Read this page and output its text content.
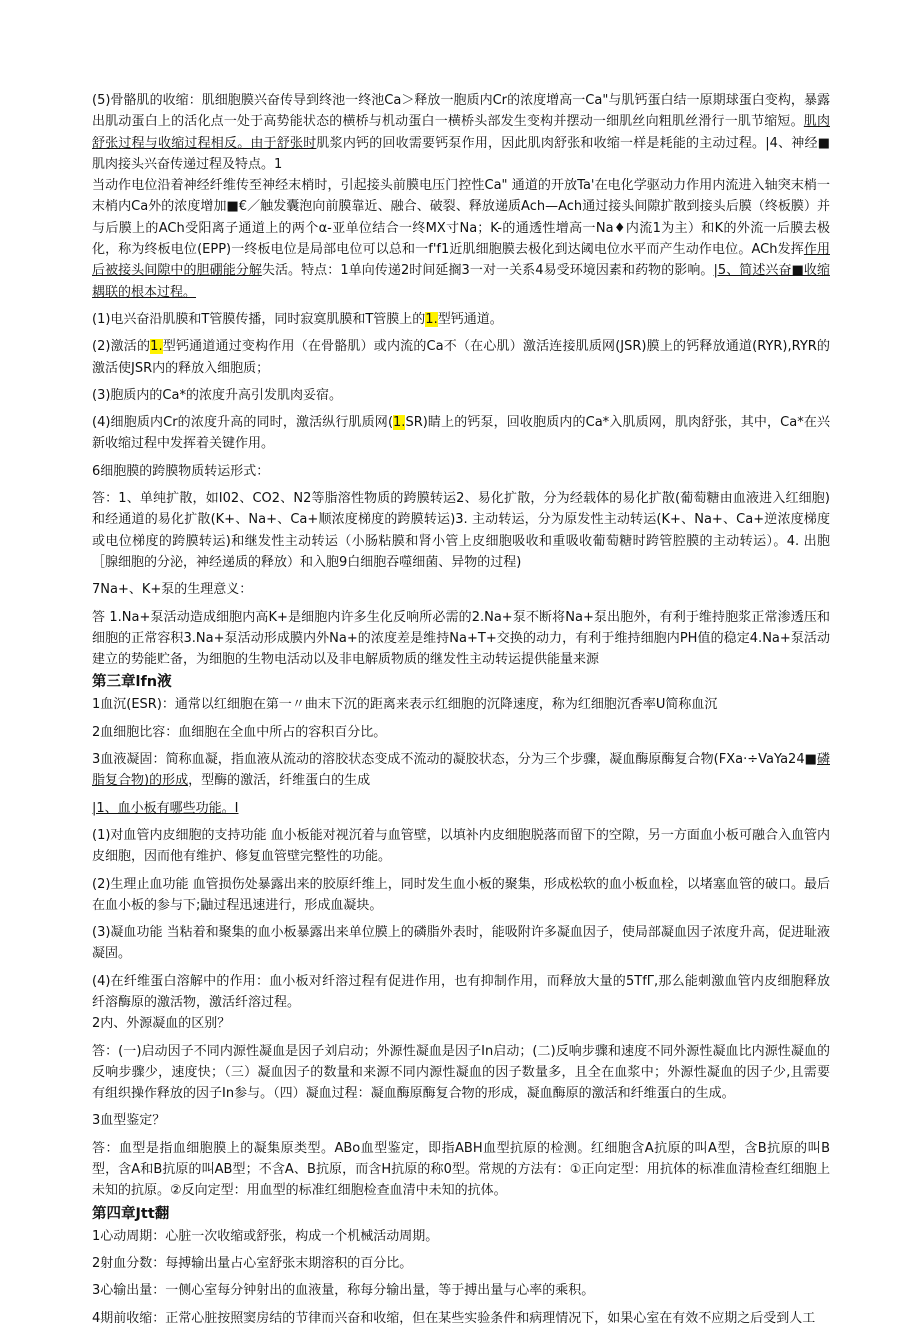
(5)骨骼肌的收缩：肌细胞膜兴奋传导到终池一终池Ca＞释放一胞质内Cr的浓度增高一Ca"与肌钙蛋白结一原期球蛋白变构，暴露出肌动蛋白上的活化点一处于高势能状态的横桥与机动蛋白一横桥头部发生变构并摆动一细肌丝向粗肌丝滑行一肌节缩短。肌肉舒张过程与收缩过程相反。由于舒张时肌浆内钙的回收需要钙泵作用，因此肌肉舒张和收缩一样是耗能的主动过程。|4、神经■肌肉接头兴奋传递过程及特点。1

当动作电位沿着神经纤维传至神经末梢时，引起接头前膜电压门控性Ca" 通道的开放Ta'在电化学驱动力作用内流进入轴突末梢一末梢内Ca外的浓度增加■€／触发囊泡向前膜靠近、融合、破裂、释放递质Ach—Ach通过接头间隙扩散到接头后膜（终板膜）并与后膜上的ACh受阳离子通道上的两个α-亚单位结合一终MX寸Na；K-的通透性增高一Na♦内流1为主）和K的外流一后膜去极化，称为终板电位(EPP)一终板电位是局部电位可以总和一f'f1近肌细胞膜去极化到达阈电位水平而产生动作电位。ACh发挥作用后被接头间隙中的胆硼能分解失活。特点：1单向传递2时间延搁3一对一关系4易受环境因素和药物的影响。|5、简述兴奋■收缩耦联的根本过程。

(1)电兴奋沿肌膜和T管膜传播，同时寂寞肌膜和T管膜上的1.型钙通道。

(2)激活的1.型钙通道通过变构作用（在骨骼肌）或内流的Ca不（在心肌）激活连接肌质网(JSR)膜上的钙释放通道(RYR),RYR的激活使JSR内的释放入细胞质；

(3)胞质内的Ca*的浓度升高引发肌肉妥宿。

(4)细胞质内Cr的浓度升高的同时，激活纵行肌质网(1.SR)睛上的钙泵，回收胞质内的Ca*入肌质网，肌肉舒张，其中，Ca*在兴新收缩过程中发挥着关键作用。

6细胞膜的跨膜物质转运形式：

答：1、单纯扩散，如I02、CO2、N2等脂溶性物质的跨膜转运2、易化扩散，分为经载体的易化扩散(葡萄糖由血液进入红细胞)和经通道的易化扩散(K+、Na+、Ca+顺浓度梯度的跨膜转运)3. 主动转运，分为原发性主动转运(K+、Na+、Ca+逆浓度梯度或电位梯度的跨膜转运)和继发性主动转运（小肠粘膜和肾小管上皮细胞吸收和重吸收葡萄糖时跨管腔膜的主动转运）。4. 出胞［腺细胞的分泌，神经递质的释放）和入胞9白细胞吞噬细菌、异物的过程)

7Na+、K+泵的生理意义：

答 1.Na+泵活动造成细胞内高K+是细胞内许多生化反响所必需的2.Na+泵不断将Na+泵出胞外，有利于维持胞浆正常渗透压和细胞的正常容积3.Na+泵活动形成膜内外Na+的浓度差是维持Na+T+交换的动力，有利于维持细胞内PH值的稳定4.Na+泵活动建立的势能贮备，为细胞的生物电活动以及非电解质物质的继发性主动转运提供能量来源

第三章lfn液

1血沉(ESR)：通常以红细胞在第一〃曲末下沉的距离来表示红细胞的沉降速度，称为红细胞沉香率U简称血沉

2血细胞比容：血细胞在全血中所占的容积百分比。

3血液凝固：简称血凝，指血液从流动的溶胶状态变成不流动的凝胶状态，分为三个步骤，凝血酶原酶复合物(FXa·÷VaYa24■磷脂复合物)的形成，型酶的激活，纤维蛋白的生成

|1、血小板有哪些功能。I

(1)对血管内皮细胞的支持功能 血小板能对视沉着与血管壁，以填补内皮细胞脱落而留下的空隙，另一方面血小板可融合入血管内皮细胞，因而他有维护、修复血管壁完整性的功能。

(2)生理止血功能 血管损伤处暴露出来的胶原纤维上，同时发生血小板的聚集，形成松软的血小板血栓，以堵塞血管的破口。最后在血小板的参与下;鼬过程迅速进行，形成血凝块。

(3)凝血功能 当粘着和聚集的血小板暴露出来单位膜上的磷脂外表时，能吸附许多凝血因子，使局部凝血因子浓度升高，促进耻液凝固。

(4)在纤维蛋白溶解中的作用：血小板对纤溶过程有促进作用，也有抑制作用，而释放大量的5TfΓ,那么能刺激血管内皮细胞释放纤溶酶原的激活物，激活纤溶过程。

2内、外源凝血的区别？

答：(一)启动因子不同内源性凝血是因子刘启动；外源性凝血是因子In启动；(二)反响步骤和速度不同外源性凝血比内源性凝血的反响步骤少，速度快；（三）凝血因子的数量和来源不同内源性凝血的因子数量多，且全在血浆中；外源性凝血的因子少,且需要有组织操作释放的因子In参与。（四）凝血过程：凝血酶原酶复合物的形成，凝血酶原的激活和纤维蛋白的生成。

3血型鉴定？

答：血型是指血细胞膜上的凝集原类型。ABo血型鉴定，即指ABH血型抗原的检测。红细胞含A抗原的叫A型，含B抗原的叫B型，含A和B抗原的叫AB型；不含A、B抗原，而含H抗原的称0型。常规的方法有：①正向定型：用抗体的标准血清检查红细胞上未知的抗原。②反向定型：用血型的标准红细胞检查血清中未知的抗体。

第四章Jtt翻

1心动周期：心脏一次收缩或舒张，构成一个机械活动周期。

2射血分数：每搏输出量占心室舒张末期溶积的百分比。

3心输出量：一侧心室每分钟射出的血液量，称每分输出量，等于搏出量与心率的乘积。

4期前收缩：正常心脏按照窦房结的节律而兴奋和收缩，但在某些实验条件和病理情况下，如果心室在有效不应期之后受到人工
